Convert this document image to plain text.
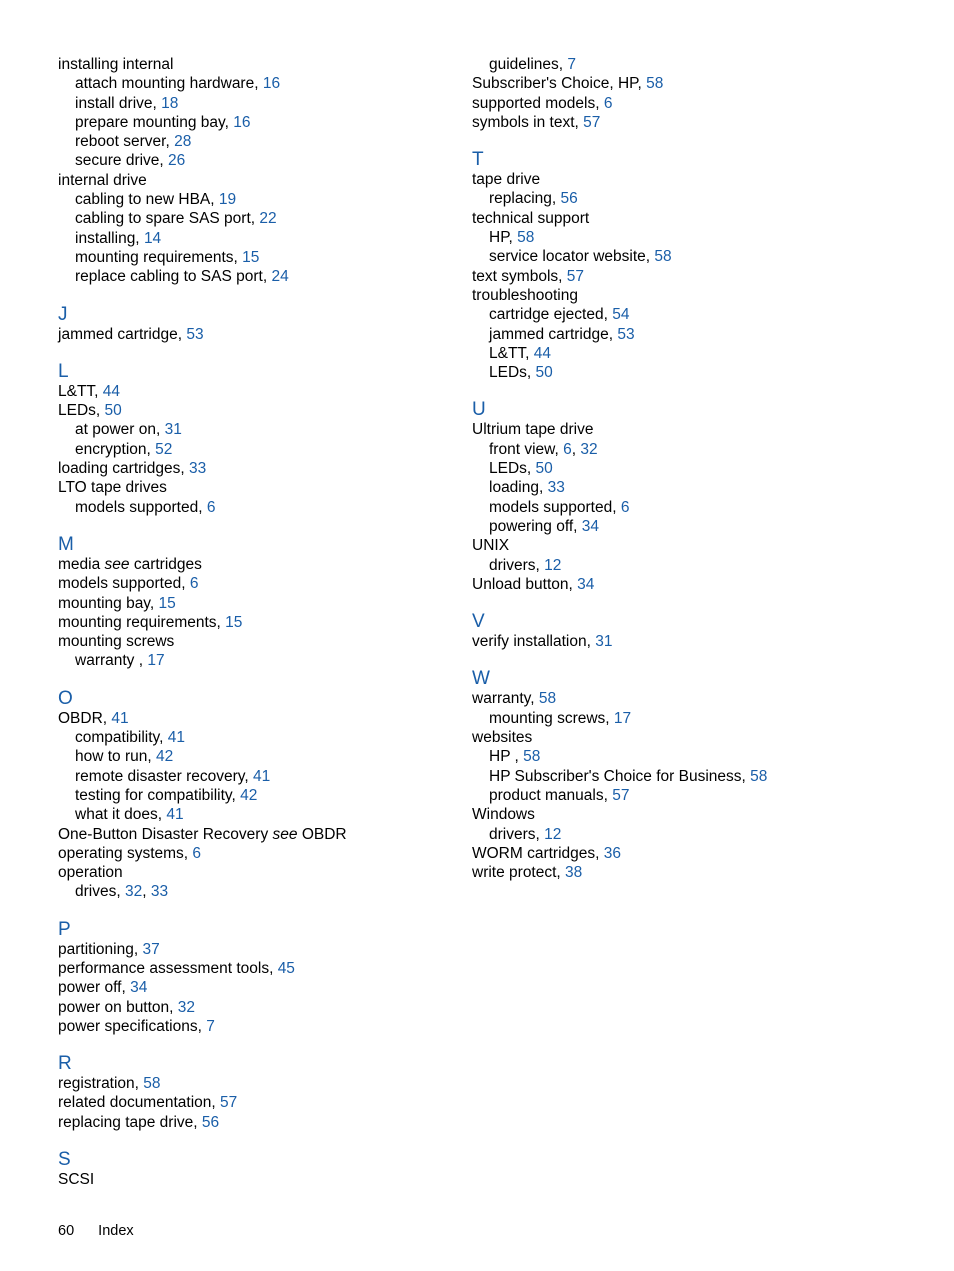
installing internal
attach mounting hardware, 16
install drive, 18
prepare mounting bay, 16
reboot server, 28
secure drive, 26
internal drive
cabling to new HBA, 19
cabling to spare SAS port, 22
installing, 14
mounting requirements, 15
replace cabling to SAS port, 24
J
jammed cartridge, 53
L
L&TT, 44
LEDs, 50
at power on, 31
encryption, 52
loading cartridges, 33
LTO tape drives
models supported, 6
M
media see cartridges
models supported, 6
mounting bay, 15
mounting requirements, 15
mounting screws
warranty , 17
O
OBDR, 41
compatibility, 41
how to run, 42
remote disaster recovery, 41
testing for compatibility, 42
what it does, 41
One-Button Disaster Recovery see OBDR
operating systems, 6
operation
drives, 32, 33
P
partitioning, 37
performance assessment tools, 45
power off, 34
power on button, 32
power specifications, 7
R
registration, 58
related documentation, 57
replacing tape drive, 56
S
SCSI
guidelines, 7
Subscriber's Choice, HP, 58
supported models, 6
symbols in text, 57
T
tape drive
replacing, 56
technical support
HP, 58
service locator website, 58
text symbols, 57
troubleshooting
cartridge ejected, 54
jammed cartridge, 53
L&TT, 44
LEDs, 50
U
Ultrium tape drive
front view, 6, 32
LEDs, 50
loading, 33
models supported, 6
powering off, 34
UNIX
drivers, 12
Unload button, 34
V
verify installation, 31
W
warranty, 58
mounting screws, 17
websites
HP , 58
HP Subscriber's Choice for Business, 58
product manuals, 57
Windows
drivers, 12
WORM cartridges, 36
write protect, 38
60 Index
